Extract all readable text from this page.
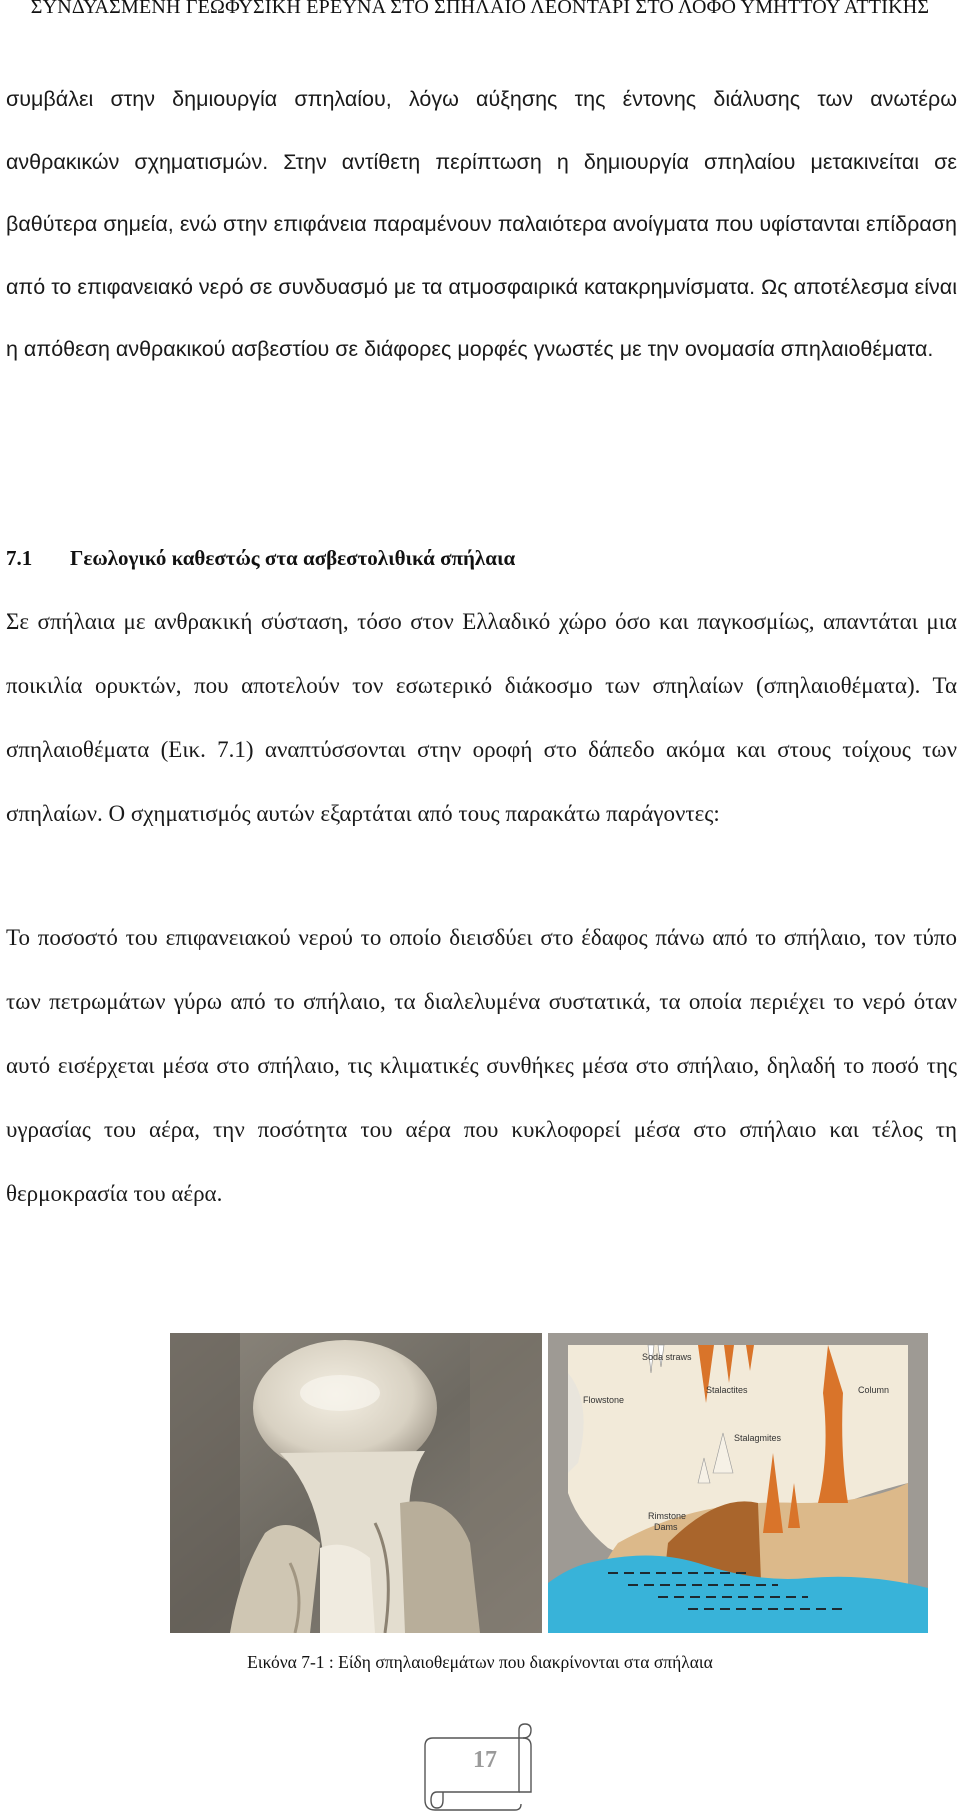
ΣΥΝΔΥΑΣΜΕΝΗ ΓΕΩΦΥΣΙΚΗ ΕΡΕΥΝΑ ΣΤΟ ΣΠΗΛΑΙΟ ΛΕΟΝΤΑΡΙ ΣΤΟ ΛΟΦΟ ΥΜΗΤΤΟΥ ΑΤΤΙΚΗΣ

συμβάλει στην δημιουργία σπηλαίου, λόγω αύξησης της έντονης διάλυσης των ανωτέρω ανθρακικών σχηματισμών. Στην αντίθετη περίπτωση η δημιουργία σπηλαίου μετακινείται σε βαθύτερα σημεία, ενώ στην επιφάνεια παραμένουν παλαιότερα ανοίγματα που υφίστανται επίδραση από το επιφανειακό νερό σε συνδυασμό με τα ατμοσφαιρικά κατακρημνίσματα. Ως αποτέλεσμα είναι η απόθεση ανθρακικού ασβεστίου σε διάφορες μορφές γνωστές με την ονομασία σπηλαιοθέματα.

7.1 Γεωλογικό καθεστώς στα ασβεστολιθικά σπήλαια

Σε σπήλαια με ανθρακική σύσταση, τόσο στον Ελλαδικό χώρο όσο και παγκοσμίως, απαντάται μια ποικιλία ορυκτών, που αποτελούν τον εσωτερικό διάκοσμο των σπηλαίων (σπηλαιοθέματα). Τα σπηλαιοθέματα (Εικ. 7.1) αναπτύσσονται στην οροφή στο δάπεδο ακόμα και στους τοίχους των σπηλαίων. Ο σχηματισμός αυτών εξαρτάται από τους παρακάτω παράγοντες:

Το ποσοστό του επιφανειακού νερού το οποίο διεισδύει στο έδαφος πάνω από το σπήλαιο, τον τύπο των πετρωμάτων γύρω από το σπήλαιο, τα διαλελυμένα συστατικά, τα οποία περιέχει το νερό όταν αυτό εισέρχεται μέσα στο σπήλαιο, τις κλιματικές συνθήκες μέσα στο σπήλαιο, δηλαδή το ποσό της υγρασίας του αέρα, την ποσότητα του αέρα που κυκλοφορεί μέσα στο σπήλαιο και τέλος τη θερμοκρασία του αέρα.

Soda straws
Flowstone
Stalactites	Column
Stalagmites
Rimstone
Dams
Εικόνα 7-1 : Είδη σπηλαιοθεμάτων που διακρίνονται στα σπήλαια
17
